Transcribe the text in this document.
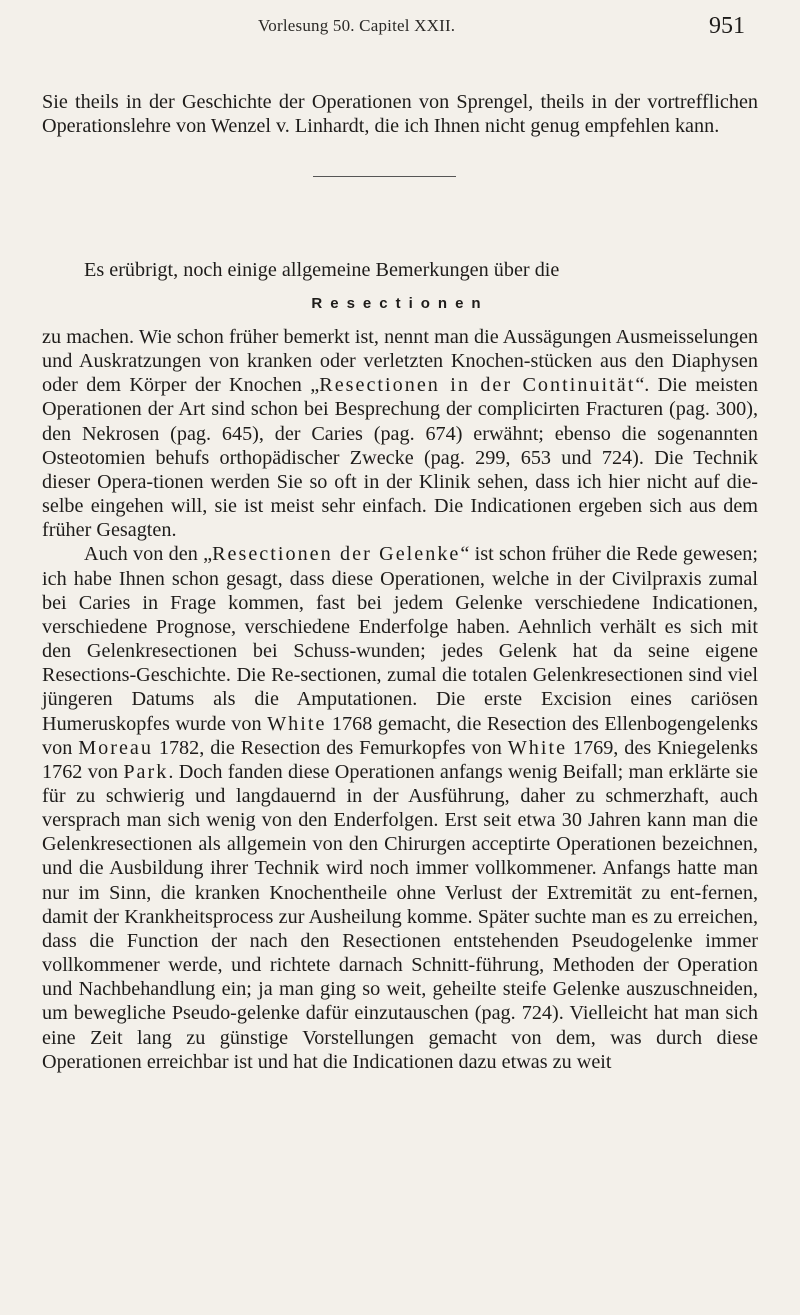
Vorlesung 50. Capitel XXII.	951

Sie theils in der Geschichte der Operationen von Sprengel, theils in der vortrefflichen Operationslehre von Wenzel v. Linhardt, die ich Ihnen nicht genug empfehlen kann.

Es erübrigt, noch einige allgemeine Bemerkungen über die

Resectionen

zu machen. Wie schon früher bemerkt ist, nennt man die Aussägungen Ausmeisselungen und Auskratzungen von kranken oder verletzten Knochen-stücken aus den Diaphysen oder dem Körper der Knochen „Resectionen in der Continuität“. Die meisten Operationen der Art sind schon bei Besprechung der complicirten Fracturen (pag. 300), den Nekrosen (pag. 645), der Caries (pag. 674) erwähnt; ebenso die sogenannten Osteotomien behufs orthopädischer Zwecke (pag. 299, 653 und 724). Die Technik dieser Opera-tionen werden Sie so oft in der Klinik sehen, dass ich hier nicht auf die-selbe eingehen will, sie ist meist sehr einfach. Die Indicationen ergeben sich aus dem früher Gesagten.

Auch von den „Resectionen der Gelenke“ ist schon früher die Rede gewesen; ich habe Ihnen schon gesagt, dass diese Operationen, welche in der Civilpraxis zumal bei Caries in Frage kommen, fast bei jedem Gelenke verschiedene Indicationen, verschiedene Prognose, verschiedene Enderfolge haben. Aehnlich verhält es sich mit den Gelenkresectionen bei Schuss-wunden; jedes Gelenk hat da seine eigene Resections-Geschichte. Die Re-sectionen, zumal die totalen Gelenkresectionen sind viel jüngeren Datums als die Amputationen. Die erste Excision eines cariösen Humeruskopfes wurde von White 1768 gemacht, die Resection des Ellenbogengelenks von Moreau 1782, die Resection des Femurkopfes von White 1769, des Kniegelenks 1762 von Park. Doch fanden diese Operationen anfangs wenig Beifall; man erklärte sie für zu schwierig und langdauernd in der Ausführung, daher zu schmerzhaft, auch versprach man sich wenig von den Enderfolgen. Erst seit etwa 30 Jahren kann man die Gelenkresectionen als allgemein von den Chirurgen acceptirte Operationen bezeichnen, und die Ausbildung ihrer Technik wird noch immer vollkommener. Anfangs hatte man nur im Sinn, die kranken Knochentheile ohne Verlust der Extremität zu ent-fernen, damit der Krankheitsprocess zur Ausheilung komme. Später suchte man es zu erreichen, dass die Function der nach den Resectionen entstehenden Pseudogelenke immer vollkommener werde, und richtete darnach Schnitt-führung, Methoden der Operation und Nachbehandlung ein; ja man ging so weit, geheilte steife Gelenke auszuschneiden, um bewegliche Pseudo-gelenke dafür einzutauschen (pag. 724). Vielleicht hat man sich eine Zeit lang zu günstige Vorstellungen gemacht von dem, was durch diese Operationen erreichbar ist und hat die Indicationen dazu etwas zu weit
